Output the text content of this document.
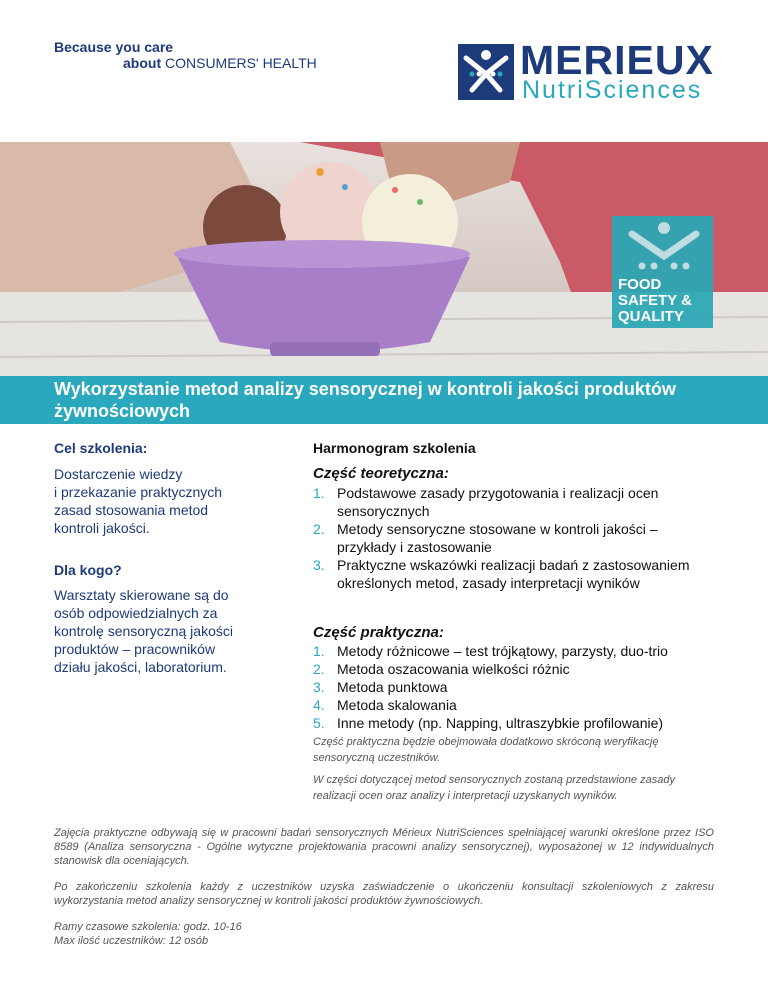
Because you care
about CONSUMERS' HEALTH	MERIEUX
NutriSciences
FOOD
SAFETY &
QUALITY
Wykorzystanie metod analizy sensorycznej w kontroli jakości produktów żywnościowych
Cel szkolenia:
Dostarczenie wiedzy
i przekazanie praktycznych
zasad stosowania metod
kontroli jakości.
Dla kogo?
Warsztaty skierowane są do
osób odpowiedzialnych za
kontrolę sensoryczną jakości
produktów – pracowników
działu jakości, laboratorium.
Harmonogram szkolenia
Część teoretyczna:
1. Podstawowe zasady przygotowania i realizacji ocen sensorycznych
2. Metody sensoryczne stosowane w kontroli jakości – przykłady i zastosowanie
3. Praktyczne wskazówki realizacji badań z zastosowaniem określonych metod, zasady interpretacji wyników
Część praktyczna:
1. Metody różnicowe – test trójkątowy, parzysty, duo-trio
2. Metoda oszacowania wielkości różnic
3. Metoda punktowa
4. Metoda skalowania
5. Inne metody (np. Napping, ultraszybkie profilowanie)
Część praktyczna będzie obejmowała dodatkowo skróconą weryfikację sensoryczną uczestników.
W części dotyczącej metod sensorycznych zostaną przedstawione zasady realizacji ocen oraz analizy i interpretacji uzyskanych wyników.
Zajęcia praktyczne odbywają się w pracowni badań sensorycznych Mérieux NutriSciences spełniającej warunki określone przez ISO 8589 (Analiza sensoryczna - Ogólne wytyczne projektowania pracowni analizy sensorycznej), wyposażonej w 12 indywidualnych stanowisk dla oceniających.
Po zakończeniu szkolenia każdy z uczestników uzyska zaświadczenie o ukończeniu konsultacji szkoleniowych z zakresu wykorzystania metod analizy sensorycznej w kontroli jakości produktów żywnościowych.
Ramy czasowe szkolenia: godz. 10-16
Max ilość uczestników: 12 osób
